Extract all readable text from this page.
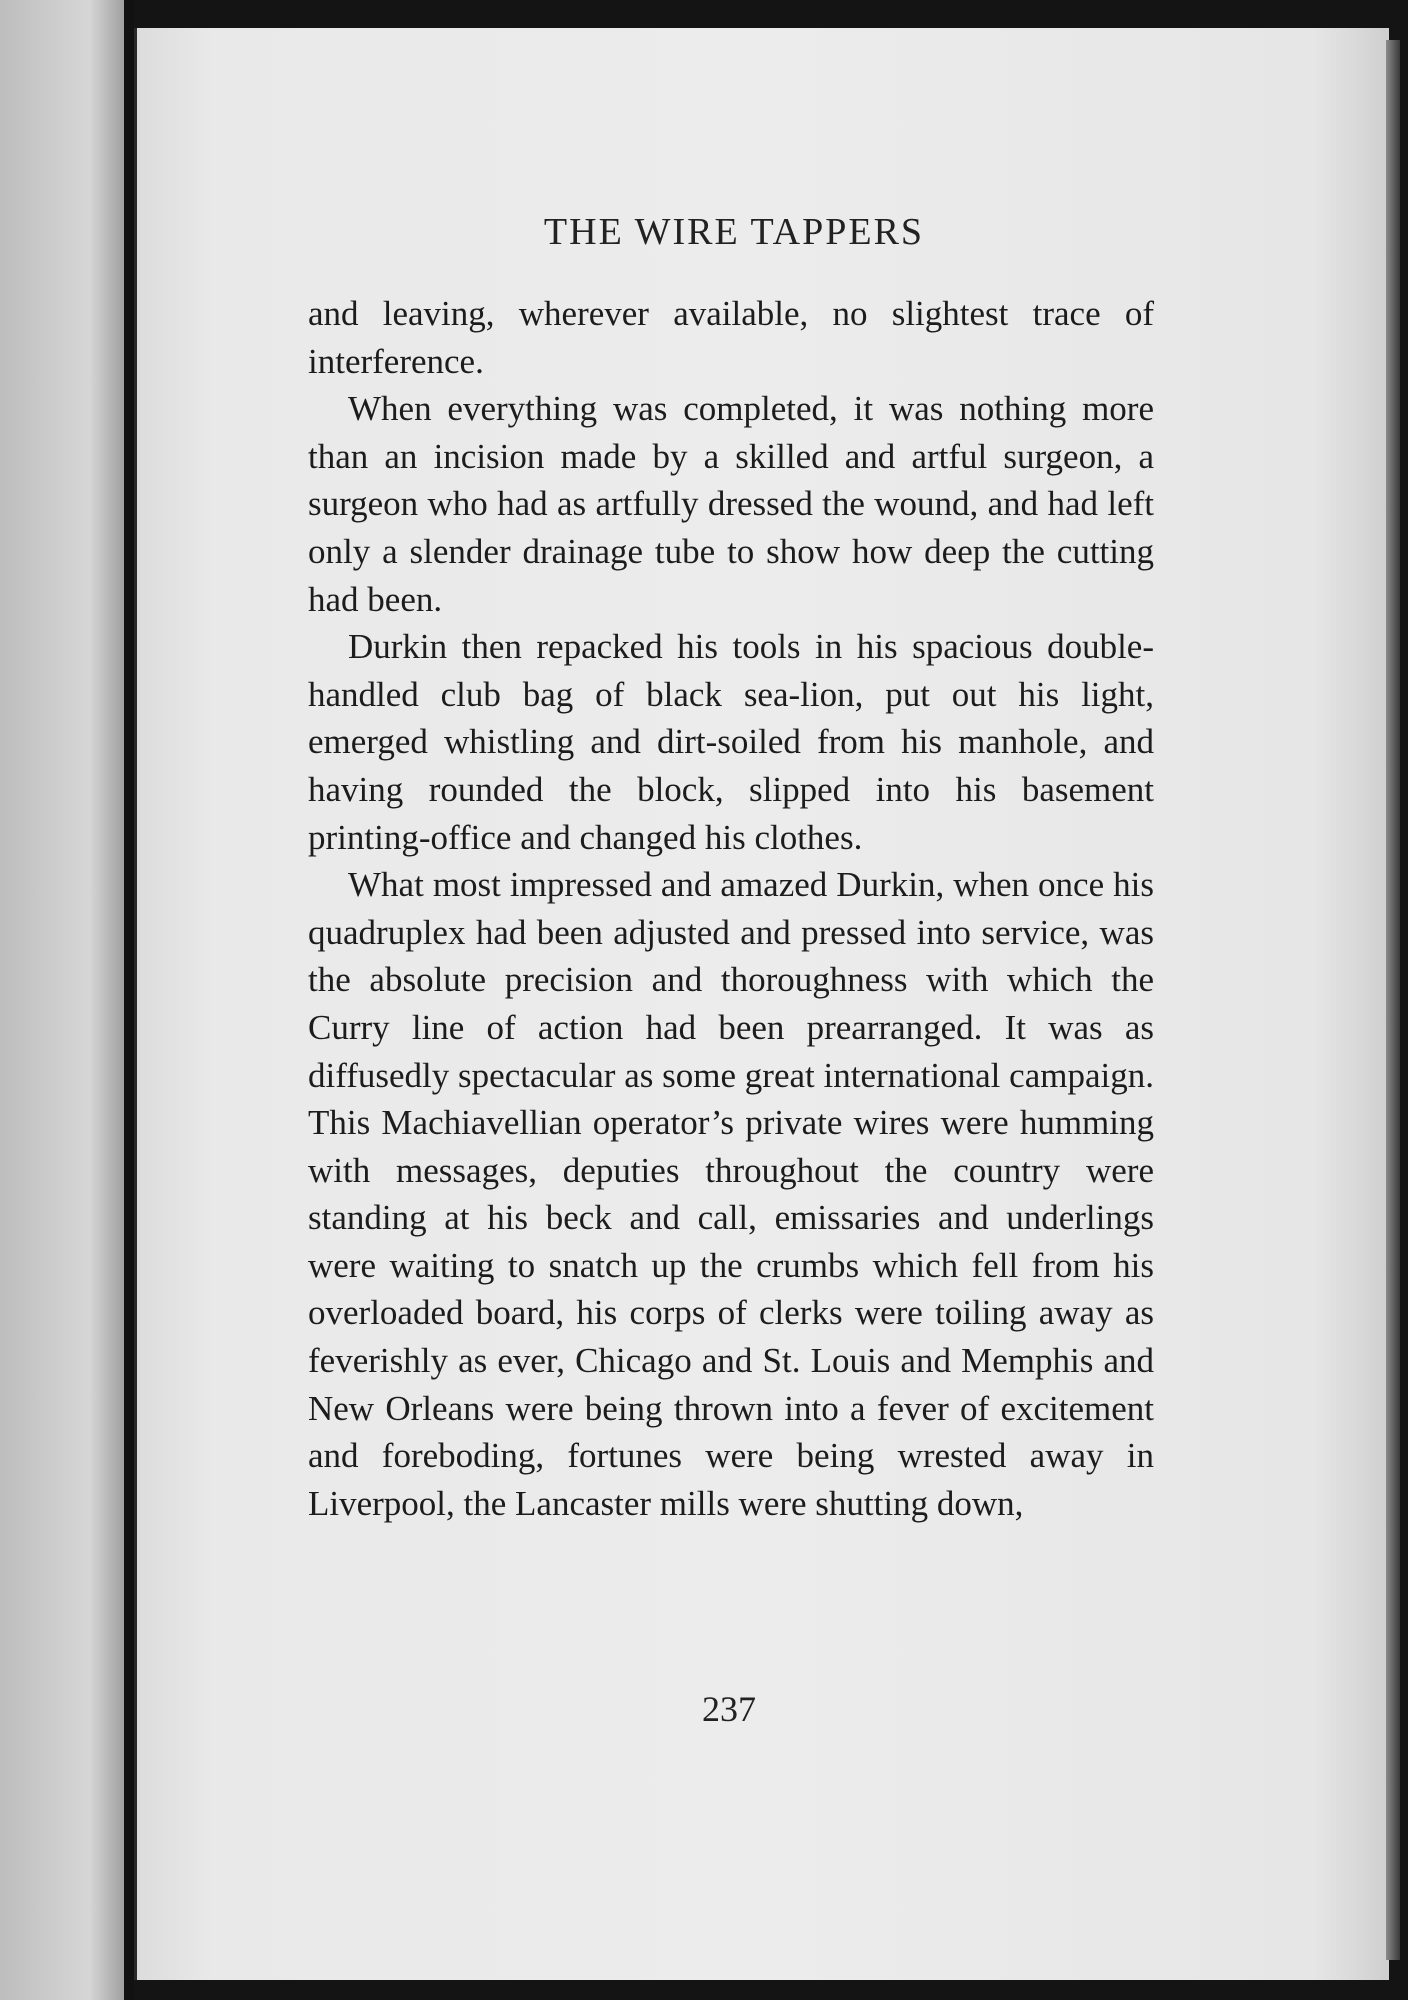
THE WIRE TAPPERS

and leaving, wherever available, no slightest trace of interference.

When everything was completed, it was nothing more than an incision made by a skilled and artful surgeon, a surgeon who had as artfully dressed the wound, and had left only a slender drainage tube to show how deep the cutting had been.

Durkin then repacked his tools in his spacious double-handled club bag of black sea-lion, put out his light, emerged whistling and dirt-soiled from his manhole, and having rounded the block, slipped into his basement printing-office and changed his clothes.

What most impressed and amazed Durkin, when once his quadruplex had been adjusted and pressed into service, was the absolute precision and thoroughness with which the Curry line of action had been prearranged. It was as diffusedly spectacular as some great international campaign. This Machiavellian operator’s private wires were humming with messages, deputies throughout the country were standing at his beck and call, emissaries and underlings were waiting to snatch up the crumbs which fell from his overloaded board, his corps of clerks were toiling away as feverishly as ever, Chicago and St. Louis and Memphis and New Orleans were being thrown into a fever of excitement and foreboding, fortunes were being wrested away in Liverpool, the Lancaster mills were shutting down,

237
